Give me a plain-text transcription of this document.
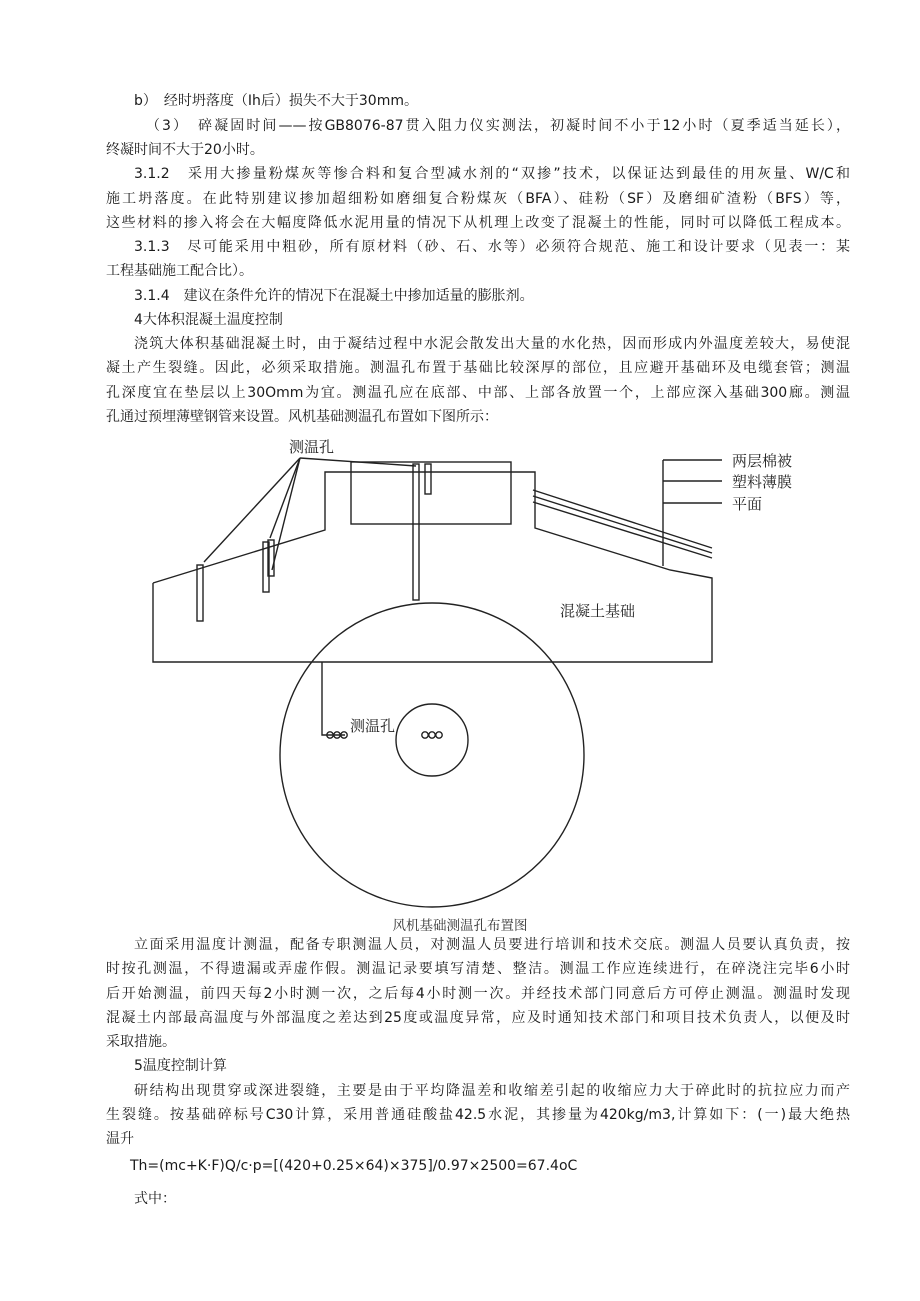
b）　经时坍落度（Ih后）损失不大于30mm。
（3）　碎凝固时间——按GB8076-87贯入阻力仪实测法，初凝时间不小于12小时（夏季适当延长），
终凝时间不大于20小时。
3.1.2　采用大掺量粉煤灰等惨合料和复合型减水剂的“双掺”技术，以保证达到最佳的用灰量、W/C和
施工坍落度。在此特别建议掺加超细粉如磨细复合粉煤灰（BFA）、硅粉（SF）及磨细矿渣粉（BFS）等，
这些材料的掺入将会在大幅度降低水泥用量的情况下从机理上改变了混凝土的性能，同时可以降低工程成本。
3.1.3　尽可能采用中粗砂，所有原材料（砂、石、水等）必须符合规范、施工和设计要求（见表一：某
工程基础施工配合比）。
3.1.4　建议在条件允许的情况下在混凝土中掺加适量的膨胀剂。
4大体积混凝土温度控制
浇筑大体积基础混凝土时，由于凝结过程中水泥会散发出大量的水化热，因而形成内外温度差较大，易使混
凝土产生裂缝。因此，必须采取措施。测温孔布置于基础比较深厚的部位，且应避开基础环及电缆套管；测温
孔深度宜在垫层以上30Omm为宜。测温孔应在底部、中部、上部各放置一个，上部应深入基础300廊。测温
孔通过预埋薄壁钢管来设置。风机基础测温孔布置如下图所示：
测温孔
两层棉被
塑料薄膜
平面
混凝土基础
测温孔
风机基础测温孔布置图
立面采用温度计测温，配备专职测温人员，对测温人员要进行培训和技术交底。测温人员要认真负责，按
时按孔测温，不得遗漏或弄虚作假。测温记录要填写清楚、整洁。测温工作应连续进行，在碎浇注完毕6小时
后开始测温，前四天每2小时测一次，之后每4小时测一次。并经技术部门同意后方可停止测温。测温时发现
混凝土内部最高温度与外部温度之差达到25度或温度异常，应及时通知技术部门和项目技术负责人，以便及时
采取措施。
5温度控制计算
研结构出现贯穿或深进裂缝，主要是由于平均降温差和收缩差引起的收缩应力大于碎此时的抗拉应力而产
生裂缝。按基础碎标号C30计算，采用普通硅酸盐42.5水泥，其掺量为420kg∕m3,计算如下：(一)最大绝热
温升
Th=(mc+K·F)Q∕c·p=[(420+0.25×64)×375]∕0.97×2500=67.4oC
式中：
